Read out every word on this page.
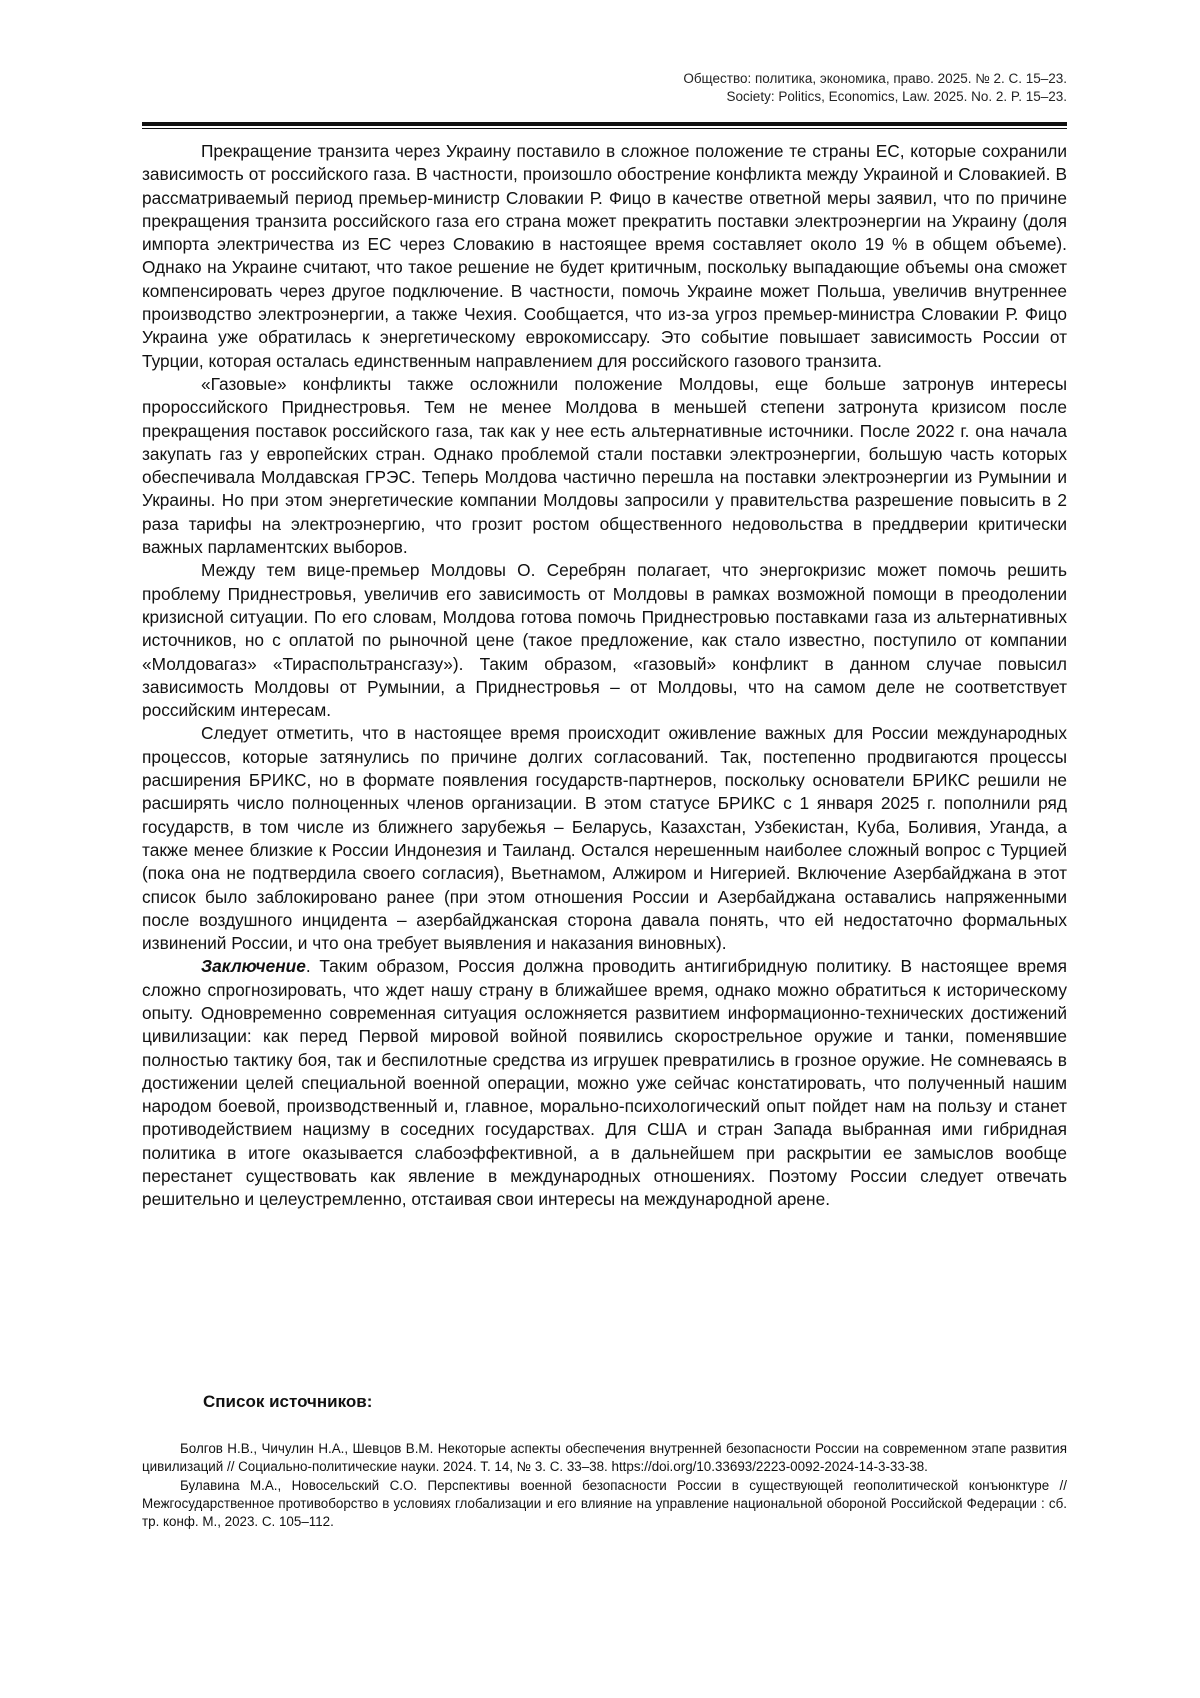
Общество: политика, экономика, право. 2025. № 2. С. 15–23.
Society: Politics, Economics, Law. 2025. No. 2. P. 15–23.

Прекращение транзита через Украину поставило в сложное положение те страны ЕС, которые сохранили зависимость от российского газа. В частности, произошло обострение конфликта между Украиной и Словакией. В рассматриваемый период премьер-министр Словакии Р. Фицо в качестве ответной меры заявил, что по причине прекращения транзита российского газа его страна может прекратить поставки электроэнергии на Украину (доля импорта электричества из ЕС через Словакию в настоящее время составляет около 19 % в общем объеме). Однако на Украине считают, что такое решение не будет критичным, поскольку выпадающие объемы она сможет компенсировать через другое подключение. В частности, помочь Украине может Польша, увеличив внутреннее производство электроэнергии, а также Чехия. Сообщается, что из-за угроз премьер-министра Словакии Р. Фицо Украина уже обратилась к энергетическому еврокомиссару. Это событие повышает зависимость России от Турции, которая осталась единственным направлением для российского газового транзита.

«Газовые» конфликты также осложнили положение Молдовы, еще больше затронув интересы пророссийского Приднестровья. Тем не менее Молдова в меньшей степени затронута кризисом после прекращения поставок российского газа, так как у нее есть альтернативные источники. После 2022 г. она начала закупать газ у европейских стран. Однако проблемой стали поставки электроэнергии, большую часть которых обеспечивала Молдавская ГРЭС. Теперь Молдова частично перешла на поставки электроэнергии из Румынии и Украины. Но при этом энергетические компании Молдовы запросили у правительства разрешение повысить в 2 раза тарифы на электроэнергию, что грозит ростом общественного недовольства в преддверии критически важных парламентских выборов.

Между тем вице-премьер Молдовы О. Серебрян полагает, что энергокризис может помочь решить проблему Приднестровья, увеличив его зависимость от Молдовы в рамках возможной помощи в преодолении кризисной ситуации. По его словам, Молдова готова помочь Приднестровью поставками газа из альтернативных источников, но с оплатой по рыночной цене (такое предложение, как стало известно, поступило от компании «Молдовагаз» «Тираспольтрансгазу»). Таким образом, «газовый» конфликт в данном случае повысил зависимость Молдовы от Румынии, а Приднестровья – от Молдовы, что на самом деле не соответствует российским интересам.

Следует отметить, что в настоящее время происходит оживление важных для России международных процессов, которые затянулись по причине долгих согласований. Так, постепенно продвигаются процессы расширения БРИКС, но в формате появления государств-партнеров, поскольку основатели БРИКС решили не расширять число полноценных членов организации. В этом статусе БРИКС с 1 января 2025 г. пополнили ряд государств, в том числе из ближнего зарубежья – Беларусь, Казахстан, Узбекистан, Куба, Боливия, Уганда, а также менее близкие к России Индонезия и Таиланд. Остался нерешенным наиболее сложный вопрос с Турцией (пока она не подтвердила своего согласия), Вьетнамом, Алжиром и Нигерией. Включение Азербайджана в этот список было заблокировано ранее (при этом отношения России и Азербайджана оставались напряженными после воздушного инцидента – азербайджанская сторона давала понять, что ей недостаточно формальных извинений России, и что она требует выявления и наказания виновных).

Заключение. Таким образом, Россия должна проводить антигибридную политику. В настоящее время сложно спрогнозировать, что ждет нашу страну в ближайшее время, однако можно обратиться к историческому опыту. Одновременно современная ситуация осложняется развитием информационно-технических достижений цивилизации: как перед Первой мировой войной появились скорострельное оружие и танки, поменявшие полностью тактику боя, так и беспилотные средства из игрушек превратились в грозное оружие. Не сомневаясь в достижении целей специальной военной операции, можно уже сейчас констатировать, что полученный нашим народом боевой, производственный и, главное, морально-психологический опыт пойдет нам на пользу и станет противодействием нацизму в соседних государствах. Для США и стран Запада выбранная ими гибридная политика в итоге оказывается слабоэффективной, а в дальнейшем при раскрытии ее замыслов вообще перестанет существовать как явление в международных отношениях. Поэтому России следует отвечать решительно и целеустремленно, отстаивая свои интересы на международной арене.

Список источников:

Болгов Н.В., Чичулин Н.А., Шевцов В.М. Некоторые аспекты обеспечения внутренней безопасности России на современном этапе развития цивилизаций // Социально-политические науки. 2024. Т. 14, № 3. С. 33–38. https://doi.org/10.33693/2223-0092-2024-14-3-33-38.

Булавина М.А., Новосельский С.О. Перспективы военной безопасности России в существующей геополитической конъюнктуре // Межгосударственное противоборство в условиях глобализации и его влияние на управление национальной обороной Российской Федерации : сб. тр. конф. М., 2023. С. 105–112.
